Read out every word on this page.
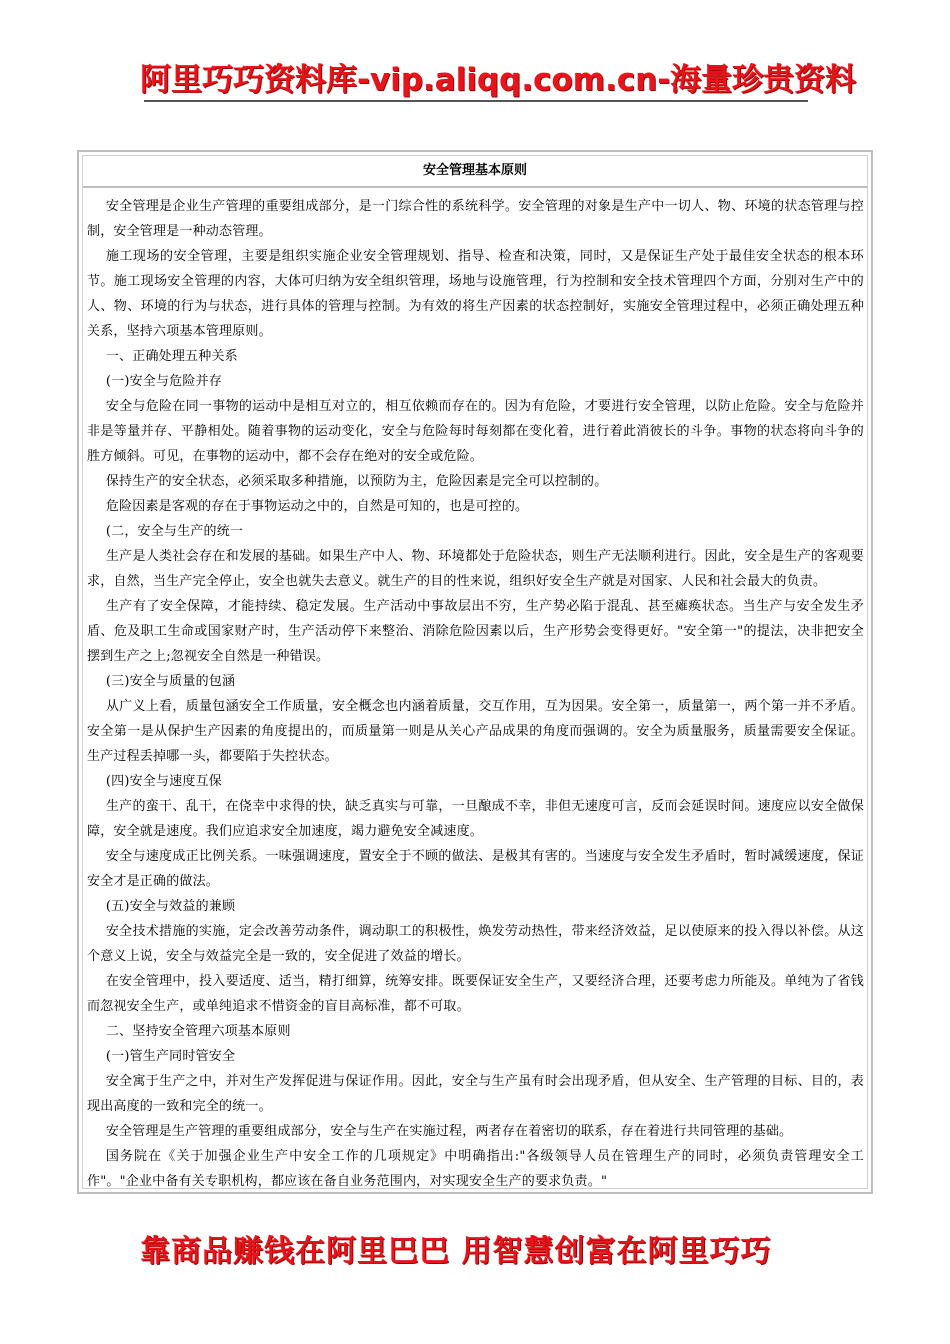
阿里巧巧资料库-vip.aliqq.com.cn-海量珍贵资料
安全管理基本原则

安全管理是企业生产管理的重要组成部分，是一门综合性的系统科学。安全管理的对象是生产中一切人、物、环境的状态管理与控制，安全管理是一种动态管理。

施工现场的安全管理，主要是组织实施企业安全管理规划、指导、检查和决策，同时，又是保证生产处于最佳安全状态的根本环节。施工现场安全管理的内容，大体可归纳为安全组织管理，场地与设施管理，行为控制和安全技术管理四个方面，分别对生产中的人、物、环境的行为与状态，进行具体的管理与控制。为有效的将生产因素的状态控制好，实施安全管理过程中，必须正确处理五种关系，坚持六项基本管理原则。

一、正确处理五种关系

(一)安全与危险并存

安全与危险在同一事物的运动中是相互对立的，相互依赖而存在的。因为有危险，才要进行安全管理，以防止危险。安全与危险并非是等量并存、平静相处。随着事物的运动变化，安全与危险每时每刻都在变化着，进行着此消彼长的斗争。事物的状态将向斗争的胜方倾斜。可见，在事物的运动中，都不会存在绝对的安全或危险。

保持生产的安全状态，必须采取多种措施，以预防为主，危险因素是完全可以控制的。

危险因素是客观的存在于事物运动之中的，自然是可知的，也是可控的。

(二，安全与生产的统一

生产是人类社会存在和发展的基础。如果生产中人、物、环境都处于危险状态，则生产无法顺利进行。因此，安全是生产的客观要求，自然，当生产完全停止，安全也就失去意义。就生产的目的性来说，组织好安全生产就是对国家、人民和社会最大的负责。

生产有了安全保障，才能持续、稳定发展。生产活动中事故层出不穷，生产势必陷于混乱、甚至瘫痪状态。当生产与安全发生矛盾、危及职工生命或国家财产时，生产活动停下来整治、消除危险因素以后，生产形势会变得更好。"安全第一"的提法，决非把安全摆到生产之上;忽视安全自然是一种错误。

(三)安全与质量的包涵

从广义上看，质量包涵安全工作质量，安全概念也内涵着质量，交互作用，互为因果。安全第一，质量第一，两个第一并不矛盾。安全第一是从保护生产因素的角度提出的，而质量第一则是从关心产品成果的角度而强调的。安全为质量服务，质量需要安全保证。生产过程丢掉哪一头，都要陷于失控状态。

(四)安全与速度互保

生产的蛮干、乱干，在侥幸中求得的快，缺乏真实与可靠，一旦酿成不幸，非但无速度可言，反而会延误时间。速度应以安全做保障，安全就是速度。我们应追求安全加速度，竭力避免安全减速度。

安全与速度成正比例关系。一味强调速度，置安全于不顾的做法、是极其有害的。当速度与安全发生矛盾时，暂时减缓速度，保证安全才是正确的做法。

(五)安全与效益的兼顾

安全技术措施的实施，定会改善劳动条件，调动职工的积极性，焕发劳动热性，带来经济效益，足以使原来的投入得以补偿。从这个意义上说，安全与效益完全是一致的，安全促进了效益的增长。

在安全管理中，投入要适度、适当，精打细算，统筹安排。既要保证安全生产，又要经济合理，还要考虑力所能及。单纯为了省钱而忽视安全生产，或单纯追求不惜资金的盲目高标准，都不可取。

二、坚持安全管理六项基本原则

(一)管生产同时管安全

安全寓于生产之中，并对生产发挥促进与保证作用。因此，安全与生产虽有时会出现矛盾，但从安全、生产管理的目标、目的，表现出高度的一致和完全的统一。

安全管理是生产管理的重要组成部分，安全与生产在实施过程，两者存在着密切的联系，存在着进行共同管理的基础。

国务院在《关于加强企业生产中安全工作的几项规定》中明确指出:"各级领导人员在管理生产的同时，必须负责管理安全工作"。"企业中备有关专职机构，都应该在备自业务范围内，对实现安全生产的要求负责。"

靠商品赚钱在阿里巴巴 用智慧创富在阿里巧巧
